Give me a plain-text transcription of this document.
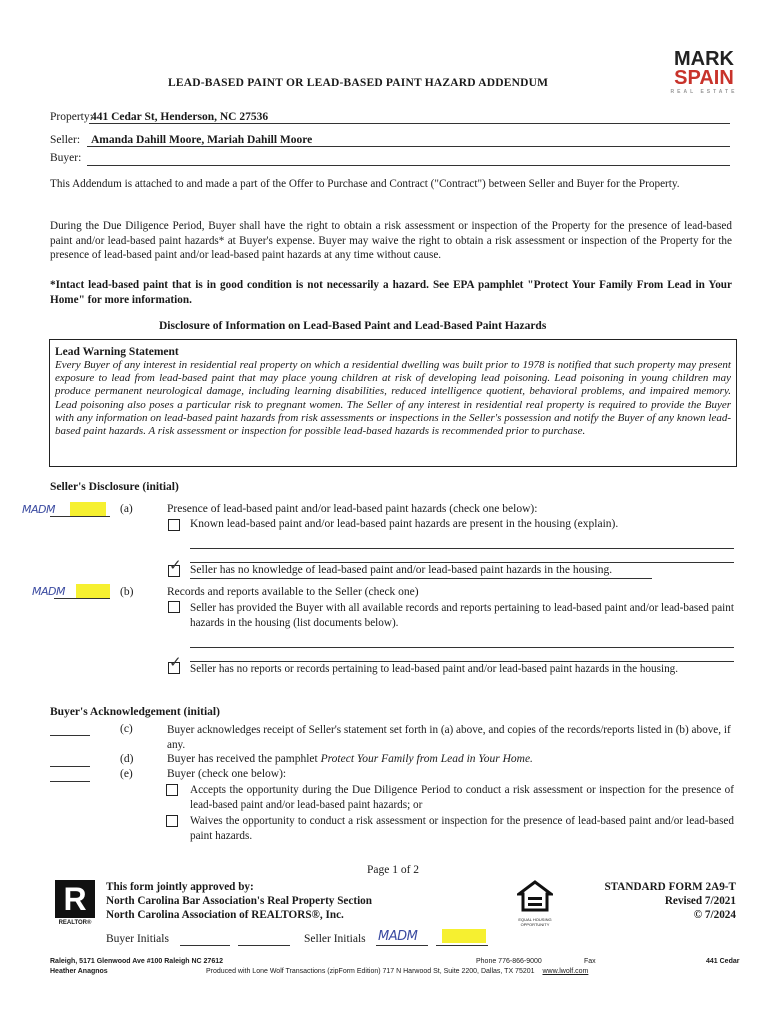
MARK
SPAIN
REAL ESTATE
LEAD-BASED PAINT OR LEAD-BASED PAINT HAZARD ADDENDUM
Property:
441 Cedar St, Henderson, NC 27536
Seller: Amanda Dahill Moore, Mariah Dahill Moore
Buyer:
This Addendum is attached to and made a part of the Offer to Purchase and Contract ("Contract") between Seller and Buyer for the Property.
During the Due Diligence Period, Buyer shall have the right to obtain a risk assessment or inspection of the Property for the presence of lead-based paint and/or lead-based paint hazards* at Buyer's expense. Buyer may waive the right to obtain a risk assessment or inspection of the Property for the presence of lead-based paint and/or lead-based paint hazards at any time without cause.
*Intact lead-based paint that is in good condition is not necessarily a hazard. See EPA pamphlet "Protect Your Family From Lead in Your Home" for more information.
Disclosure of Information on Lead-Based Paint and Lead-Based Paint Hazards
Lead Warning Statement
Every Buyer of any interest in residential real property on which a residential dwelling was built prior to 1978 is notified that such property may present exposure to lead from lead-based paint that may place young children at risk of developing lead poisoning. Lead poisoning in young children may produce permanent neurological damage, including learning disabilities, reduced intelligence quotient, behavioral problems, and impaired memory. Lead poisoning also poses a particular risk to pregnant women. The Seller of any interest in residential real property is required to provide the Buyer with any information on lead-based paint hazards from risk assessments or inspections in the Seller's possession and notify the Buyer of any known lead-based paint hazards. A risk assessment or inspection for possible lead-based hazards is recommended prior to purchase.
Seller's Disclosure (initial)
MADM	(a)	Presence of lead-based paint and/or lead-based paint hazards (check one below):
Known lead-based paint and/or lead-based paint hazards are present in the housing (explain).
✓ Seller has no knowledge of lead-based paint and/or lead-based paint hazards in the housing.
MADM	(b)	Records and reports available to the Seller (check one)
Seller has provided the Buyer with all available records and reports pertaining to lead-based paint and/or lead-based paint hazards in the housing (list documents below).
✓ Seller has no reports or records pertaining to lead-based paint and/or lead-based paint hazards in the housing.
Buyer's Acknowledgement (initial)
(c)	Buyer acknowledges receipt of Seller's statement set forth in (a) above, and copies of the records/reports listed in (b) above, if any.
(d)	Buyer has received the pamphlet Protect Your Family from Lead in Your Home.
(e)	Buyer (check one below):
Accepts the opportunity during the Due Diligence Period to conduct a risk assessment or inspection for the presence of lead-based paint and/or lead-based paint hazards; or
Waives the opportunity to conduct a risk assessment or inspection for the presence of lead-based paint and/or lead-based paint hazards.
Page 1 of 2
R
REALTOR®
This form jointly approved by:
North Carolina Bar Association's Real Property Section
North Carolina Association of REALTORS®, Inc.	EQUAL HOUSING OPPORTUNITY
STANDARD FORM 2A9-T
Revised 7/2021
© 7/2024
Buyer Initials	Seller Initials MADM
Raleigh, 5171 Glenwood Ave #100 Raleigh NC 27612
Heather Anagnos
Phone 776-866-9000	Fax	441 Cedar
Produced with Lone Wolf Transactions (zipForm Edition) 717 N Harwood St, Suite 2200, Dallas, TX 75201 www.lwolf.com
